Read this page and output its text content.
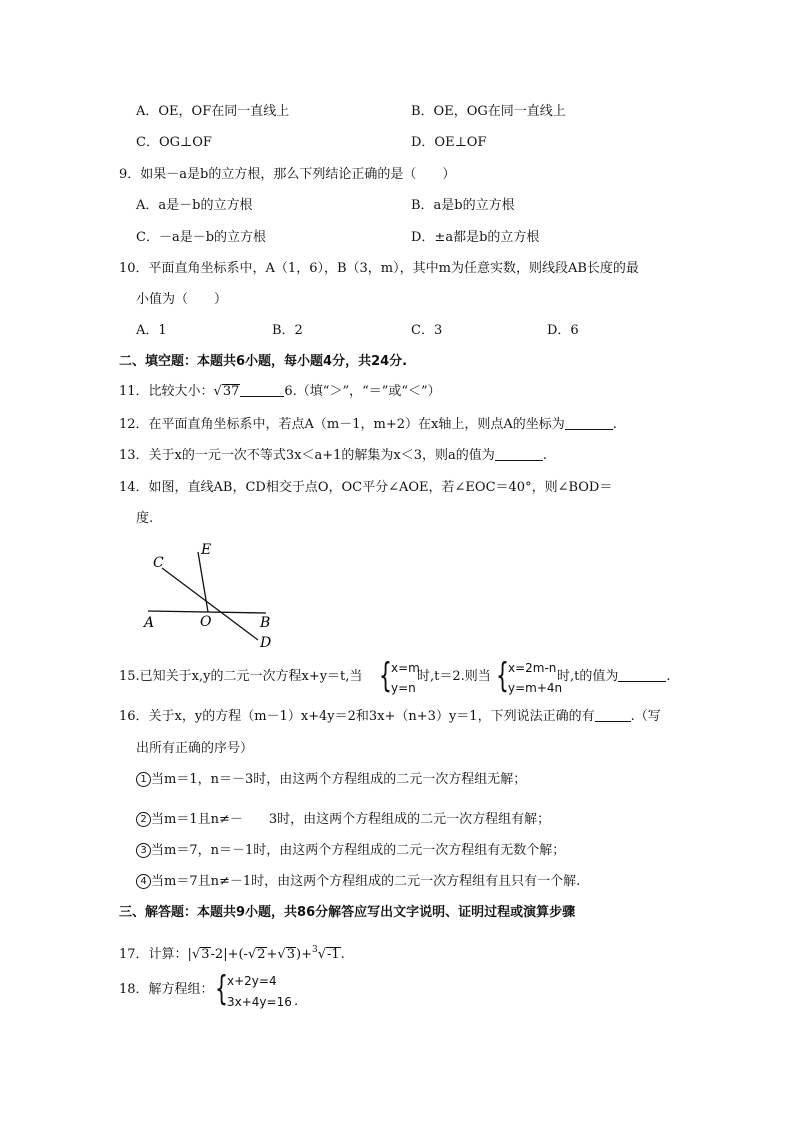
A．OE，OF在同一直线上	B．OE，OG在同一直线上
C．OG⊥OF	D．OE⊥OF
9．如果－a是b的立方根，那么下列结论正确的是（　　）
A．a是－b的立方根	B．a是b的立方根
C．－a是－b的立方根	D．±a都是b的立方根
10．平面直角坐标系中，A（1，6），B（3，m），其中m为任意实数，则线段AB长度的最
小值为（　　）
A．1	B．2	C．3	D．6
二、填空题：本题共6小题，每小题4分，共24分.
11．比较大小：√37	6.（填“＞”，“＝”或“＜”）
12．在平面直角坐标系中，若点A（m－1，m+2）在x轴上，则点A的坐标为	.
13．关于x的一元一次不等式3x＜a+1的解集为x＜3，则a的值为	.
14．如图，直线AB，CD相交于点O，OC平分∠AOE，若∠EOC＝40°，则∠BOD＝
度.
C
E
A	O	B
D
15.已知关于x,y的二元一次方程x+y＝t,当 { x=m
y=n
时,t＝2.则当 { x=2m-n
y=m+4n
时,t的值为	.
16．关于x，y的方程（m－1）x+4y＝2和3x+（n+3）y＝1，下列说法正确的有	.（写
出所有正确的序号）
1 当m＝1，n＝－3时，由这两个方程组成的二元一次方程组无解；
2 当m＝1且n≠－　　3时，由这两个方程组成的二元一次方程组有解；
3 当m＝7，n＝－1时，由这两个方程组成的二元一次方程组有无数个解；
4 当m＝7且n≠－1时，由这两个方程组成的二元一次方程组有且只有一个解.
三、解答题：本题共9小题，共86分解答应写出文字说明、证明过程或演算步骤
17．计算：|√3-2|+(-√2+√3)+$^3$√-1.
18．解方程组： { x+2y=4
3x+4y=16 .
